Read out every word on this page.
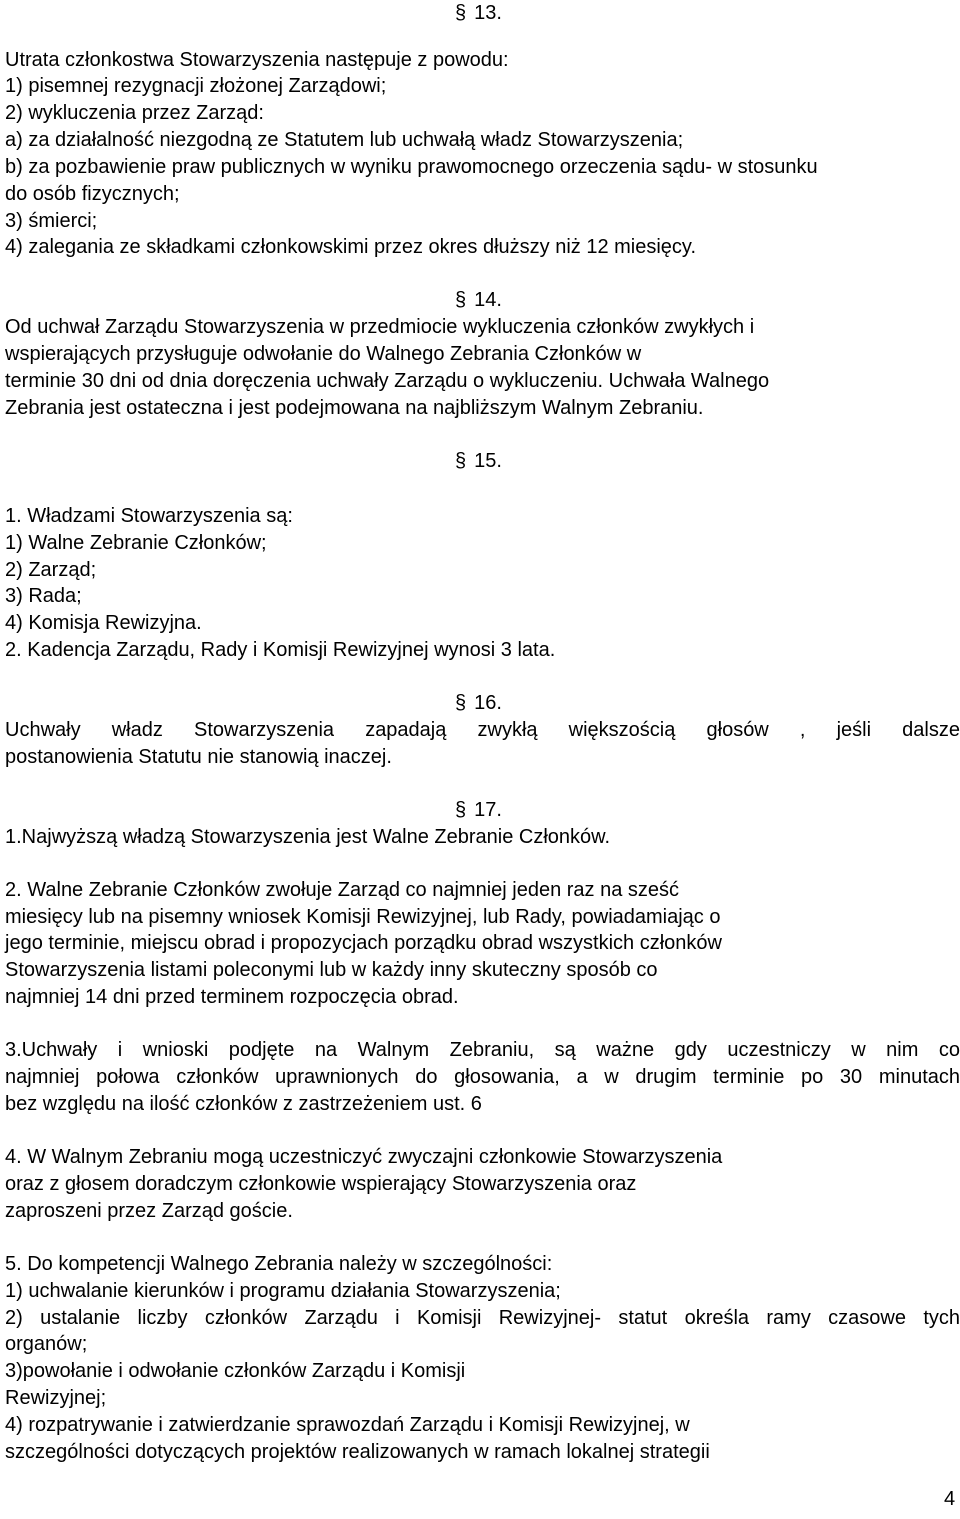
§ 13.
Utrata członkostwa Stowarzyszenia następuje z powodu:
1) pisemnej rezygnacji złożonej Zarządowi;
2) wykluczenia przez Zarząd:
a) za działalność niezgodną ze Statutem lub uchwałą władz Stowarzyszenia;
b) za pozbawienie praw publicznych w wyniku prawomocnego orzeczenia sądu- w stosunku
do osób fizycznych;
3) śmierci;
4) zalegania ze składkami członkowskimi przez okres dłuższy niż 12 miesięcy.
§ 14.
Od uchwał Zarządu Stowarzyszenia w przedmiocie wykluczenia członków zwykłych i
wspierających przysługuje odwołanie do Walnego Zebrania Członków w
terminie 30 dni od dnia doręczenia uchwały Zarządu o wykluczeniu. Uchwała Walnego
Zebrania jest ostateczna i jest podejmowana na najbliższym Walnym Zebraniu.
§ 15.
1. Władzami Stowarzyszenia są:
1) Walne Zebranie Członków;
2) Zarząd;
3) Rada;
4) Komisja Rewizyjna.
2. Kadencja Zarządu, Rady i Komisji Rewizyjnej wynosi 3 lata.
§ 16.
Uchwały władz Stowarzyszenia zapadają zwykłą większością głosów , jeśli dalsze
postanowienia Statutu nie stanowią inaczej.
§ 17.
1.Najwyższą władzą Stowarzyszenia jest Walne Zebranie Członków.
2. Walne Zebranie Członków zwołuje Zarząd co najmniej jeden raz na sześć
miesięcy lub na pisemny wniosek Komisji Rewizyjnej, lub Rady, powiadamiając o
jego terminie, miejscu obrad i propozycjach porządku obrad wszystkich członków
Stowarzyszenia listami poleconymi lub w każdy inny skuteczny sposób co
najmniej 14 dni przed terminem rozpoczęcia obrad.
3.Uchwały i wnioski podjęte na Walnym Zebraniu, są ważne gdy uczestniczy w nim co
najmniej połowa członków uprawnionych do głosowania, a w drugim terminie po 30 minutach
bez względu na ilość członków z zastrzeżeniem ust. 6
4. W Walnym Zebraniu mogą uczestniczyć zwyczajni członkowie Stowarzyszenia
oraz z głosem doradczym członkowie wspierający Stowarzyszenia oraz
zaproszeni przez Zarząd goście.
5. Do kompetencji Walnego Zebrania należy w szczególności:
1) uchwalanie kierunków i programu działania Stowarzyszenia;
2) ustalanie liczby członków Zarządu i Komisji Rewizyjnej- statut określa ramy czasowe tych
organów;
3)powołanie i odwołanie członków Zarządu i Komisji
Rewizyjnej;
4) rozpatrywanie i zatwierdzanie sprawozdań Zarządu i Komisji Rewizyjnej, w
szczególności dotyczących projektów realizowanych w ramach lokalnej strategii
4
